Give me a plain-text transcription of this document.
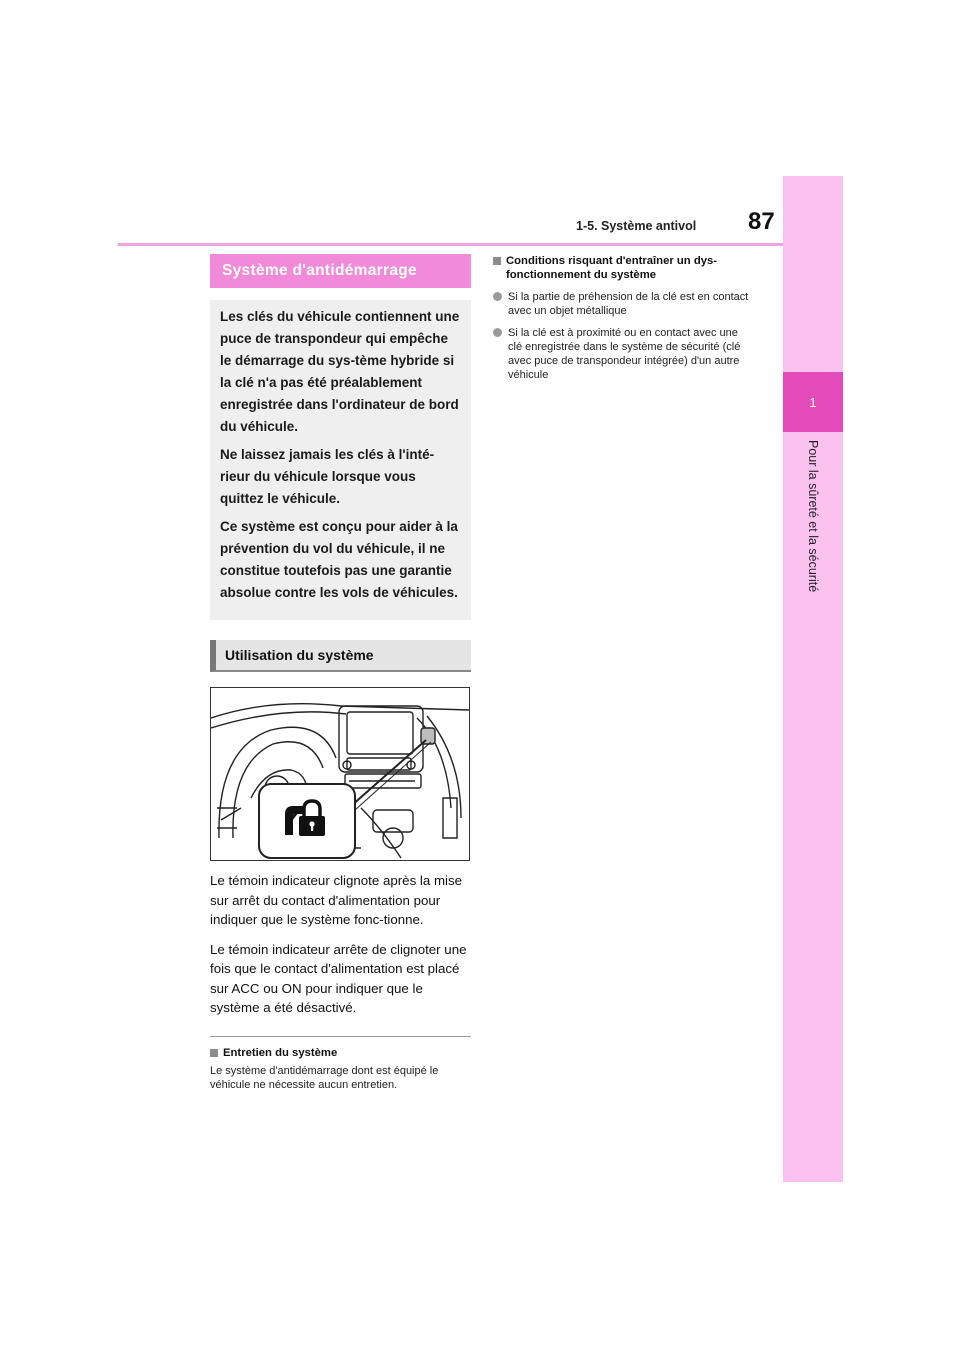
1
Pour la sûreté et la sécurité
1-5. Système antivol 87
Système d'antidémarrage

Les clés du véhicule contiennent une puce de transpondeur qui empêche le démarrage du sys-tème hybride si la clé n'a pas été préalablement enregistrée dans l'ordinateur de bord du véhicule.

Ne laissez jamais les clés à l'inté-rieur du véhicule lorsque vous quittez le véhicule.

Ce système est conçu pour aider à la prévention du vol du véhicule, il ne constitue toutefois pas une garantie absolue contre les vols de véhicules.

Utilisation du système

Le témoin indicateur clignote après la mise sur arrêt du contact d'alimentation pour indiquer que le système fonc-tionne.

Le témoin indicateur arrête de clignoter une fois que le contact d'alimentation est placé sur ACC ou ON pour indiquer que le système a été désactivé.

Entretien du système

Le système d'antidémarrage dont est équipé le véhicule ne nécessite aucun entretien.

Conditions risquant d'entraîner un dys-fonctionnement du système
Si la partie de préhension de la clé est en contact avec un objet métallique
Si la clé est à proximité ou en contact avec une clé enregistrée dans le système de sécurité (clé avec puce de transpondeur intégrée) d'un autre véhicule
